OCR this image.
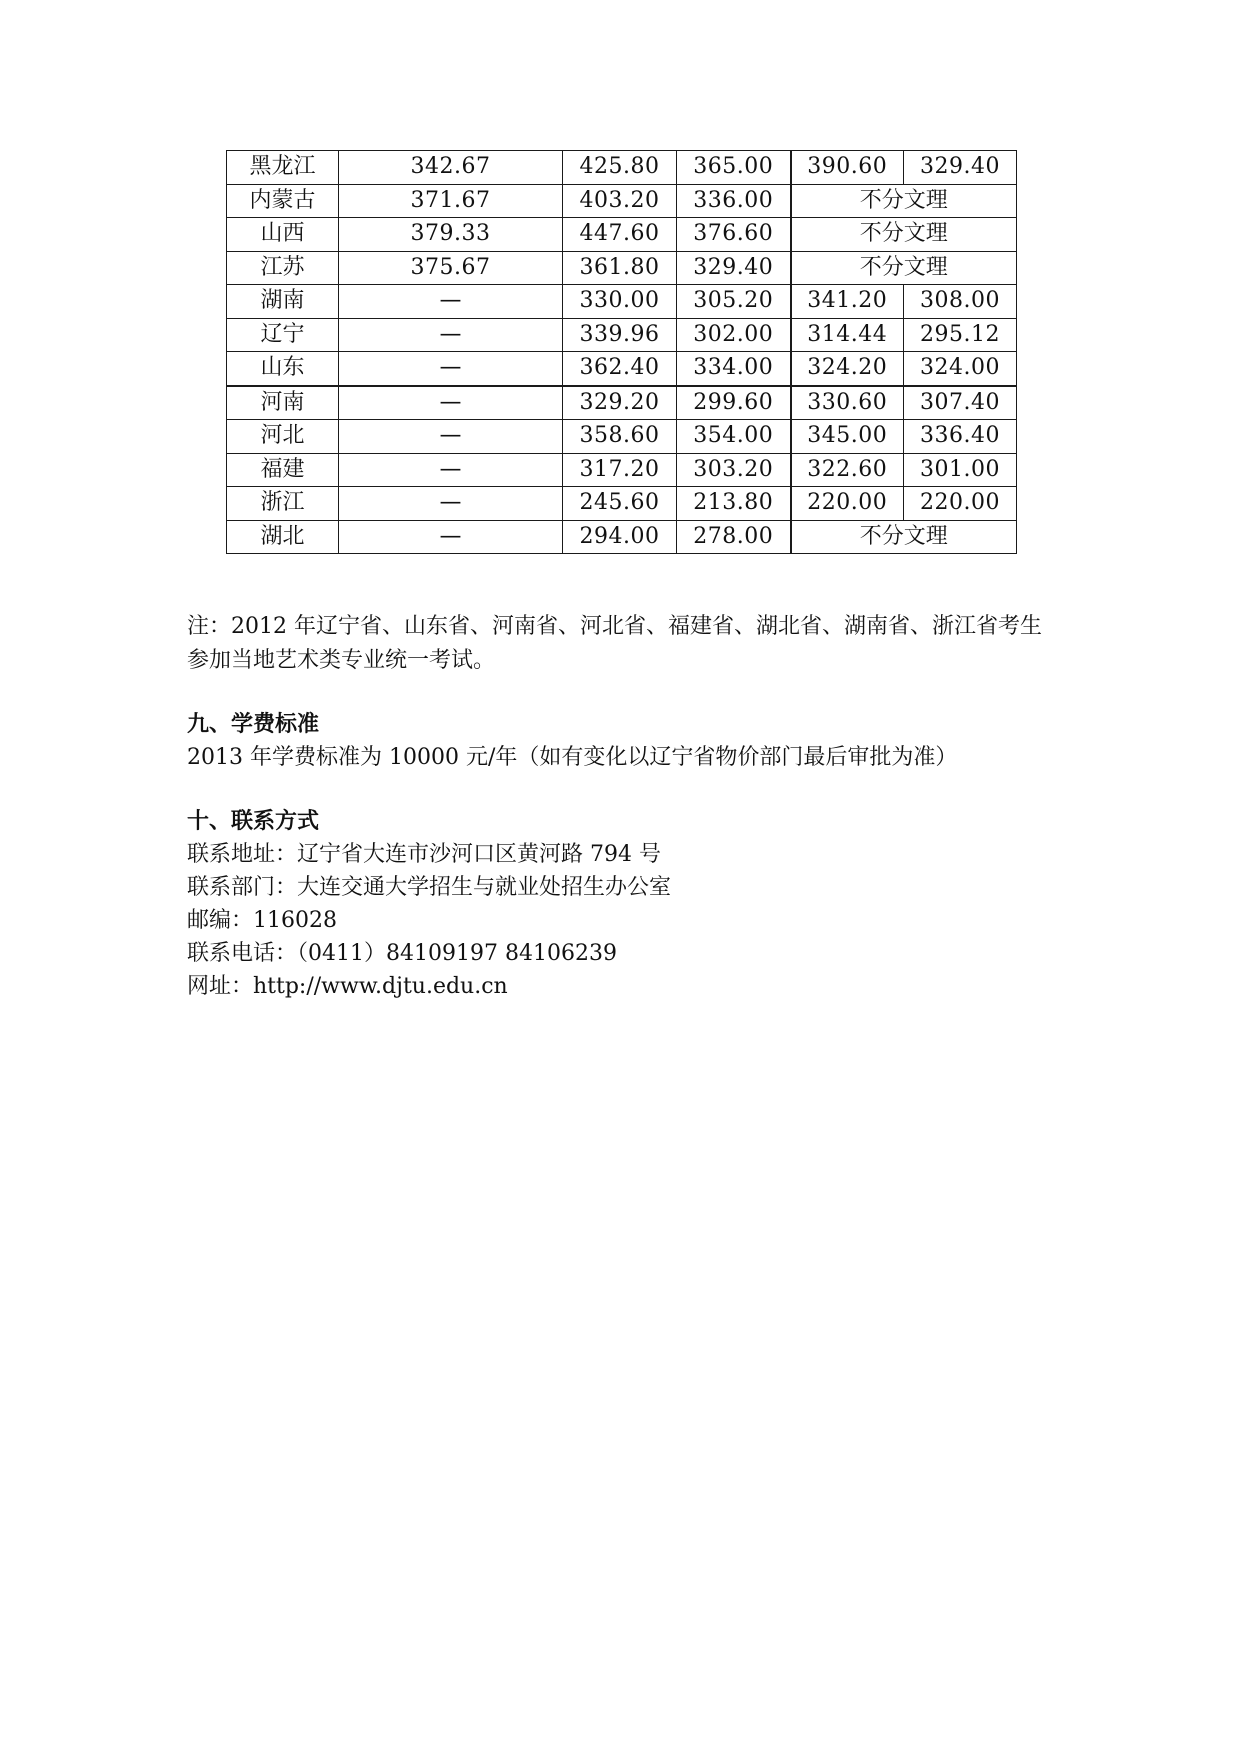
黑龙江	342.67	425.80	365.00	390.60	329.40
内蒙古	371.67	403.20	336.00	不分文理	
山西	379.33	447.60	376.60	不分文理	
江苏	375.67	361.80	329.40	不分文理	
湖南	—	330.00	305.20	341.20	308.00
辽宁	—	339.96	302.00	314.44	295.12
山东	—	362.40	334.00	324.20	324.00
河南	—	329.20	299.60	330.60	307.40
河北	—	358.60	354.00	345.00	336.40
福建	—	317.20	303.20	322.60	301.00
浙江	—	245.60	213.80	220.00	220.00
湖北	—	294.00	278.00	不分文理	

注：2012 年辽宁省、山东省、河南省、河北省、福建省、湖北省、湖南省、浙江省考生参加当地艺术类专业统一考试。

九、学费标准

2013 年学费标准为 10000 元/年（如有变化以辽宁省物价部门最后审批为准）

十、联系方式

联系地址：辽宁省大连市沙河口区黄河路 794 号

联系部门：大连交通大学招生与就业处招生办公室

邮编：116028

联系电话：（0411）84109197 84106239

网址：http://www.djtu.edu.cn
